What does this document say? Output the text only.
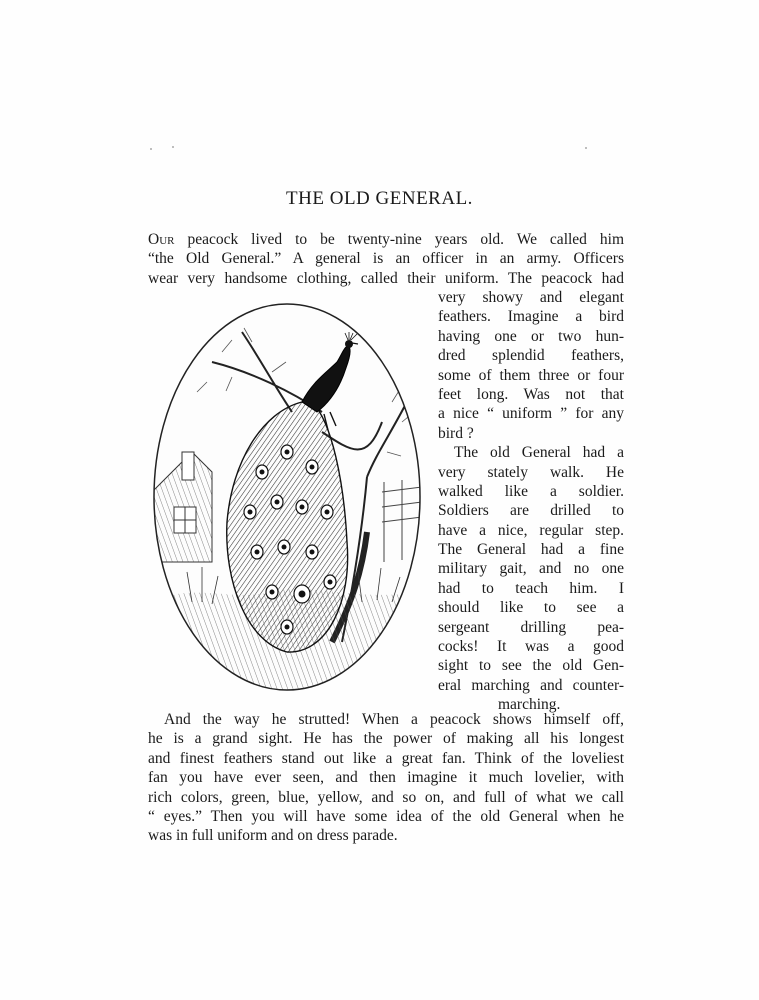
THE OLD GENERAL.
Our peacock lived to be twenty-nine years old. We called him
“the Old General.” A general is an officer in an army. Officers
wear very handsome clothing, called their uniform. The peacock had
very showy and elegant
feathers. Imagine a bird
having one or two hun-
dred splendid feathers,
some of them three or four
feet long. Was not that
a nice “ uniform ” for any
bird ?
The old General had a
very stately walk. He
walked like a soldier.
Soldiers are drilled to
have a nice, regular step.
The General had a fine
military gait, and no one
had to teach him. I
should like to see a
sergeant drilling pea-
cocks! It was a good
sight to see the old Gen-
eral marching and counter-
marching.
And the way he strutted! When a peacock shows himself off,
he is a grand sight. He has the power of making all his longest
and finest feathers stand out like a great fan. Think of the loveliest
fan you have ever seen, and then imagine it much lovelier, with
rich colors, green, blue, yellow, and so on, and full of what we call
“ eyes.” Then you will have some idea of the old General when he
was in full uniform and on dress parade.
